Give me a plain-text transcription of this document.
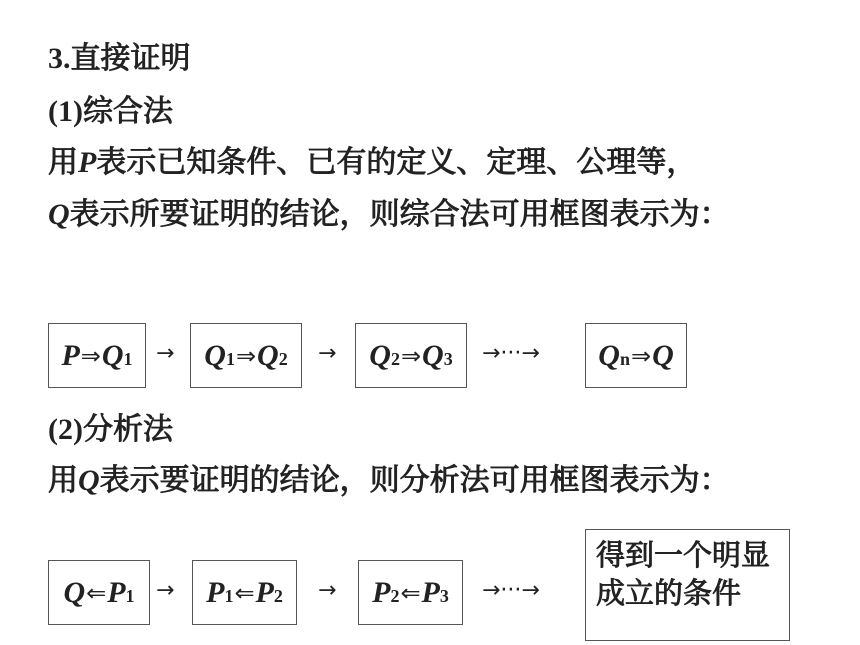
3.直接证明

(1)综合法

用P表示已知条件、已有的定义、定理、公理等，

Q表示所要证明的结论，则综合法可用框图表示为：

P ⇒ $Q_1 \to Q_1$ ⇒ $Q_2 \to Q_2$ ⇒ $Q_3$ →···→ $Q_n$ ⇒ Q

(2)分析法

用Q表示要证明的结论，则分析法可用框图表示为：

Q ⇐ $P_1 \to P_1$ ⇐ $P_2 \to P_2$ ⇐ $P_3$ →···→
得到一个明显
成立的条件
